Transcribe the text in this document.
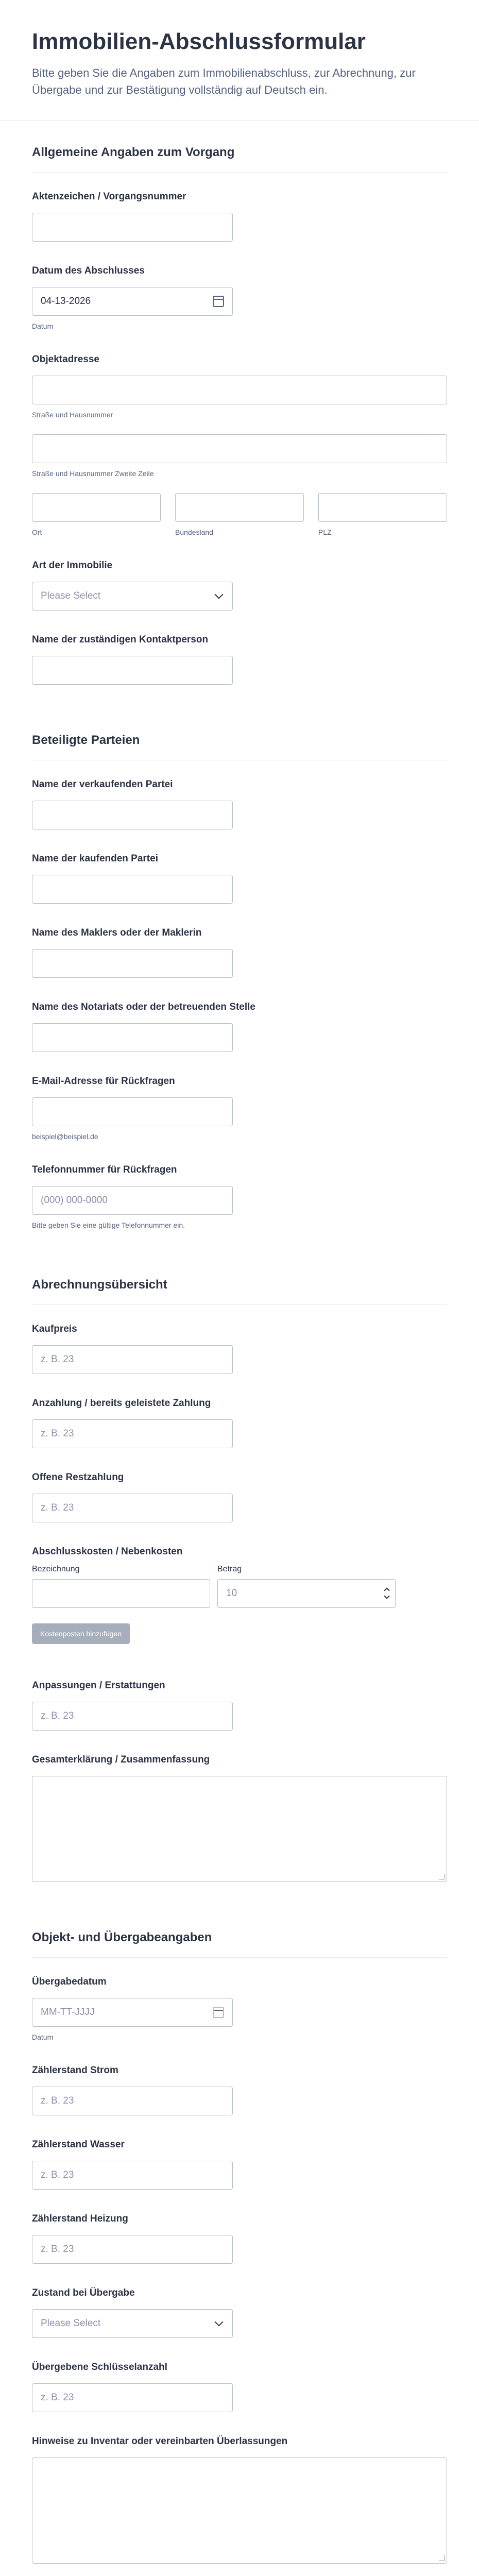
Immobilien-Abschlussformular
Bitte geben Sie die Angaben zum Immobilienabschluss, zur Abrechnung, zur Übergabe und zur Bestätigung vollständig auf Deutsch ein.
Allgemeine Angaben zum Vorgang
Aktenzeichen / Vorgangsnummer
Datum des Abschlusses
04-13-2026
Datum
Objektadresse
Straße und Hausnummer
Straße und Hausnummer Zweite Zeile
Ort	Bundesland	PLZ
Art der Immobilie
Please Select
Name der zuständigen Kontaktperson
Beteiligte Parteien
Name der verkaufenden Partei
Name der kaufenden Partei
Name des Maklers oder der Maklerin
Name des Notariats oder der betreuenden Stelle
E-Mail-Adresse für Rückfragen
beispiel@beispiel.de
Telefonnummer für Rückfragen
(000) 000-0000
Bitte geben Sie eine gültige Telefonnummer ein.
Abrechnungsübersicht
Kaufpreis
z. B. 23
Anzahlung / bereits geleistete Zahlung
z. B. 23
Offene Restzahlung
z. B. 23
Abschlusskosten / Nebenkosten
Bezeichnung	Betrag
10
Kostenposten hinzufügen
Anpassungen / Erstattungen
z. B. 23
Gesamterklärung / Zusammenfassung
Objekt- und Übergabeangaben
Übergabedatum
MM-TT-JJJJ
Datum
Zählerstand Strom
z. B. 23
Zählerstand Wasser
z. B. 23
Zählerstand Heizung
z. B. 23
Zustand bei Übergabe
Please Select
Übergebene Schlüsselanzahl
z. B. 23
Hinweise zu Inventar oder vereinbarten Überlassungen
